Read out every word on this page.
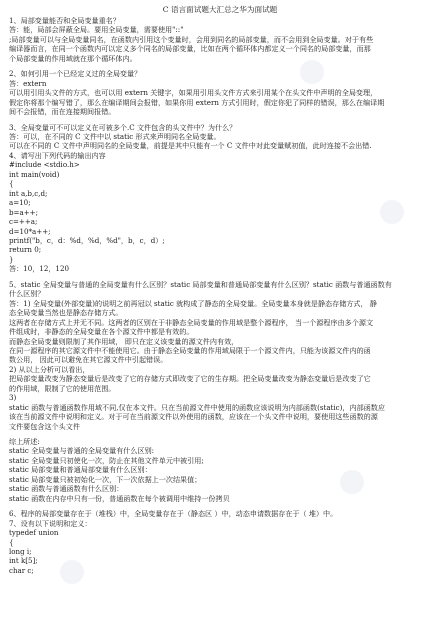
C 语言面试题大汇总之华为面试题
1、局部变量能否和全局变量重名？
答：能，局部会屏蔽全局。要用全局变量，需要使用"::"
;局部变量可以与全局变量同名，在函数内引用这个变量时，会用到同名的局部变量，而不会用到全局变量。对于有些
编译器而言，在同一个函数内可以定义多个同名的局部变量，比如在两个循环体内都定义一个同名的局部变量，而那
个局部变量的作用域就在那个循环体内。
2、如何引用一个已经定义过的全局变量？
答：extern
可以用引用头文件的方式，也可以用 extern 关键字，如果用引用头文件方式来引用某个在头文件中声明的全局变理，
假定你将那个编写错了，那么在编译期间会报错，如果你用 extern 方式引用时，假定你犯了同样的错误，那么在编译期
间不会报错，而在连接期间报错。
3、全局变量可不可以定义在可被多个.C 文件包含的头文件中？为什么？
答：可以，在不同的 C 文件中以 static 形式来声明同名全局变量。
可以在不同的 C 文件中声明同名的全局变量，前提是其中只能有一个 C 文件中对此变量赋初值，此时连接不会出错.
4、请写出下列代码的输出内容
#include <stdio.h>
int main(void)
{
int a,b,c,d;
a=10;
b=a++;
c=++a;
d=10*a++;
printf("b，c，d：%d，%d，%d"，b，c，d）;
return 0;
}
答：10，12，120
5、static 全局变量与普通的全局变量有什么区别？static 局部变量和普通局部变量有什么区别？static 函数与普通函数有
什么区别？
答：1) 全局变量(外部变量)的说明之前再冠以 static 就构成了静态的全局变量。全局变量本身就是静态存储方式， 静
态全局变量当然也是静态存储方式。
这两者在存储方式上并无不同。这两者的区别在于非静态全局变量的作用域是整个源程序， 当一个源程序由多个源文
件组成时，非静态的全局变量在各个源文件中都是有效的。
而静态全局变量则限制了其作用域， 即只在定义该变量的源文件内有效，
在同一源程序的其它源文件中不能使用它。由于静态全局变量的作用域局限于一个源文件内，只能为该源文件内的函
数公用， 因此可以避免在其它源文件中引起错误。
2) 从以上分析可以看出，
把局部变量改变为静态变量后是改变了它的存储方式即改变了它的生存期。把全局变量改变为静态变量后是改变了它
的作用域，限制了它的使用范围。
3)
static 函数与普通函数作用域不同,仅在本文件。只在当前源文件中使用的函数应该说明为内部函数(static)，内部函数应
该在当前源文件中说明和定义。对于可在当前源文件以外使用的函数，应该在一个头文件中说明，要使用这些函数的源
文件要包含这个头文件
综上所述:
static 全局变量与普通的全局变量有什么区别:
static 全局变量只初使化一次，防止在其他文件单元中被引用;
static 局部变量和普通局部变量有什么区别：
static 局部变量只被初始化一次，下一次依据上一次结果值；
static 函数与普通函数有什么区别：
static 函数在内存中只有一份，普通函数在每个被调用中维持一份拷贝
6、程序的局部变量存在于（堆栈）中，全局变量存在于（静态区 ）中，动态申请数据存在于（ 堆）中。
7、设有以下说明和定义：
typedef union
{
long i;
int k[5];
char c;
